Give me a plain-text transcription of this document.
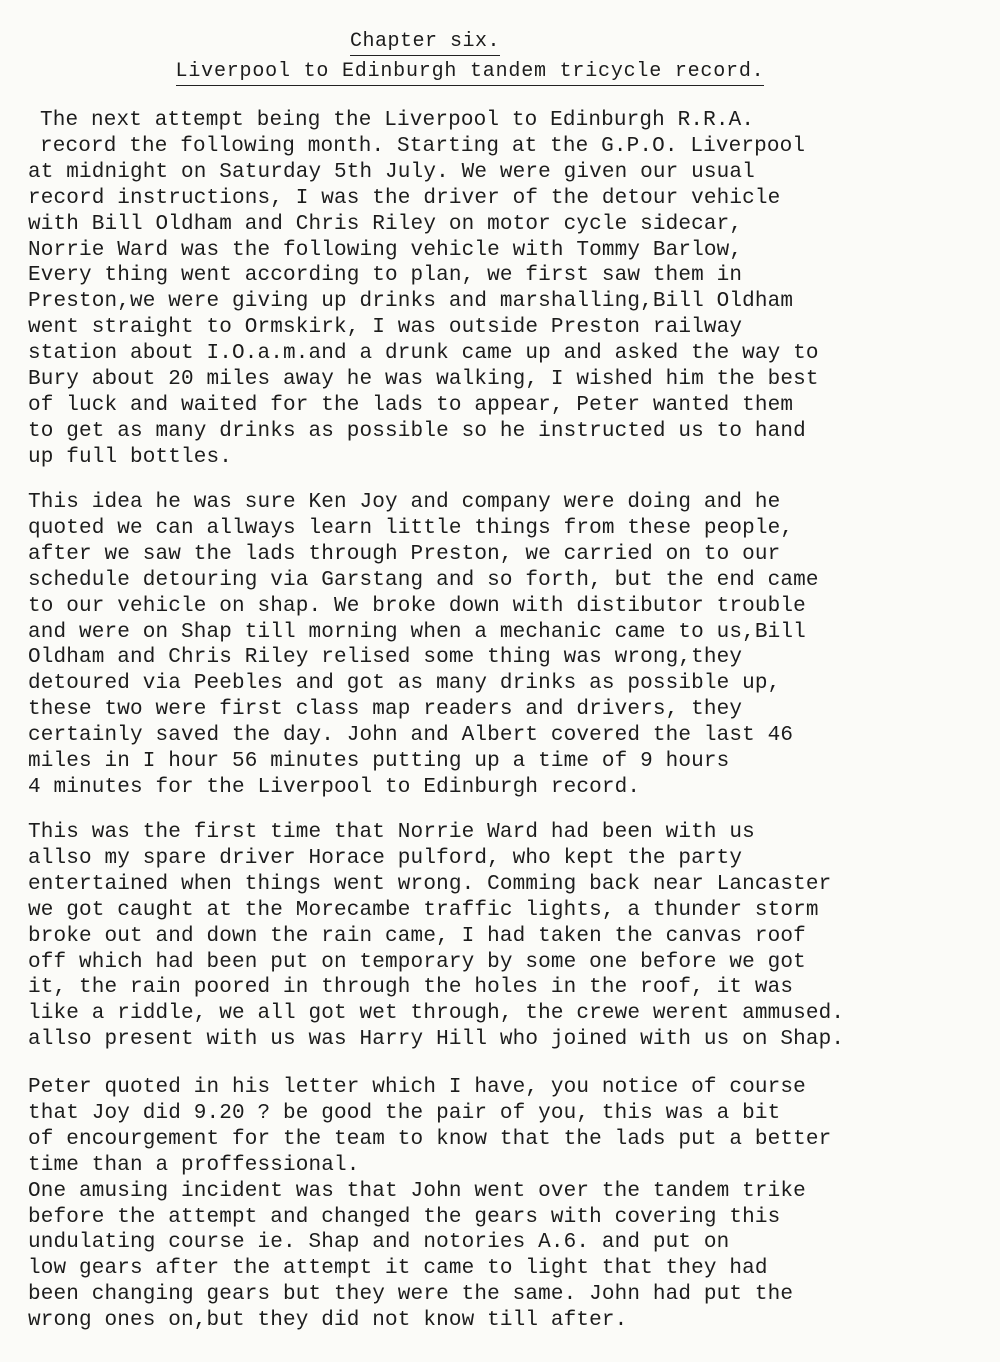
Chapter six.
Liverpool to Edinburgh tandem tricycle record.
The next attempt being the Liverpool to Edinburgh R.R.A.
record the following month. Starting at the G.P.O. Liverpool
at midnight on Saturday 5th July. We were given our usual
record instructions, I was the driver of the detour vehicle
with Bill Oldham and Chris Riley on motor cycle sidecar,
Norrie Ward was the following vehicle with Tommy Barlow,
Every thing went according to plan, we first saw them in
Preston,we were giving up drinks and marshalling,Bill Oldham
went straight to Ormskirk, I was outside Preston railway
station about I.O.a.m.and a drunk came up and asked the way to
Bury about 20 miles away he was walking, I wished him the best
of luck and waited for the lads to appear, Peter wanted them
to get as many drinks as possible so he instructed us to hand
up full bottles.
This idea he was sure Ken Joy and company were doing and he
quoted we can allways learn little things from these people,
after we saw the lads through Preston, we carried on to our
schedule detouring via Garstang and so forth, but the end came
to our vehicle on shap. We broke down with distibutor trouble
and were on Shap till morning when a mechanic came to us,Bill
Oldham and Chris Riley relised some thing was wrong,they
detoured via Peebles and got as many drinks as possible up,
these two were first class map readers and drivers, they
certainly saved the day. John and Albert covered the last 46
miles in I hour 56 minutes putting up a time of 9 hours
4 minutes for the Liverpool to Edinburgh record.
This was the first time that Norrie Ward had been with us
allso my spare driver Horace pulford, who kept the party
entertained when things went wrong. Comming back near Lancaster
we got caught at the Morecambe traffic lights, a thunder storm
broke out and down the rain came, I had taken the canvas roof
off which had been put on temporary by some one before we got
it, the rain poored in through the holes in the roof, it was
like a riddle, we all got wet through, the crewe werent ammused.
allso present with us was Harry Hill who joined with us on Shap.
Peter quoted in his letter which I have, you notice of course
that Joy did 9.20 ? be good the pair of you, this was a bit
of encourgement for the team to know that the lads put a better
time than a proffessional.
One amusing incident was that John went over the tandem trike
before the attempt and changed the gears with covering this
undulating course ie. Shap and notories A.6. and put on
low gears after the attempt it came to light that they had
been changing gears but they were the same. John had put the
wrong ones on,but they did not know till after.
